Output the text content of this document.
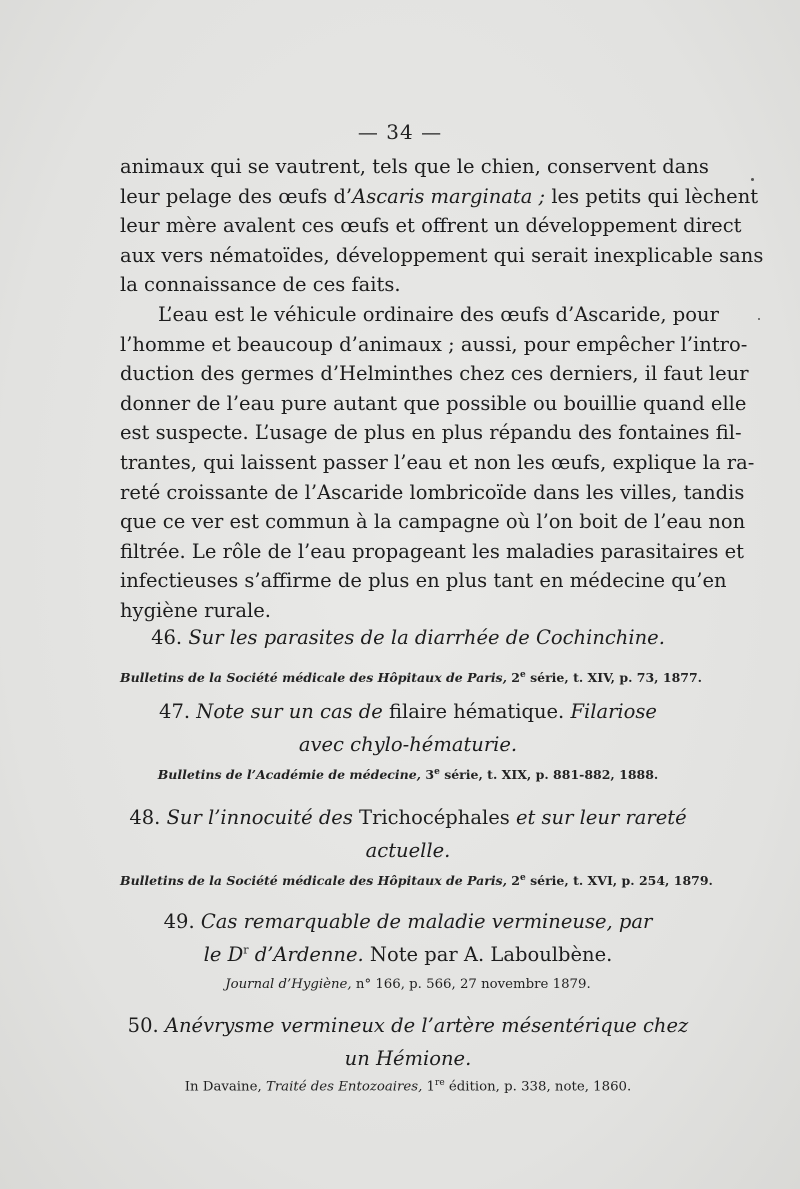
— 34 —
animaux qui se vautrent, tels que le chien, conservent dans
leur pelage des œufs d’Ascaris marginata ; les petits qui lèchent
leur mère avalent ces œufs et offrent un développement direct
aux vers nématoïdes, développement qui serait inexplicable sans
la connaissance de ces faits.
L’eau est le véhicule ordinaire des œufs d’Ascaride, pour
l’homme et beaucoup d’animaux ; aussi, pour empêcher l’intro-
duction des germes d’Helminthes chez ces derniers, il faut leur
donner de l’eau pure autant que possible ou bouillie quand elle
est suspecte. L’usage de plus en plus répandu des fontaines fil-
trantes, qui laissent passer l’eau et non les œufs, explique la ra-
reté croissante de l’Ascaride lombricoïde dans les villes, tandis
que ce ver est commun à la campagne où l’on boit de l’eau non
filtrée. Le rôle de l’eau propageant les maladies parasitaires et
infectieuses s’affirme de plus en plus tant en médecine qu’en
hygiène rurale.
46. Sur les parasites de la diarrhée de Cochinchine.
Bulletins de la Société médicale des Hôpitaux de Paris, 2e série, t. XIV, p. 73, 1877.
47. Note sur un cas de filaire hématique. Filariose
avec chylo-hématurie.
Bulletins de l’Académie de médecine, 3e série, t. XIX, p. 881-882, 1888.
48. Sur l’innocuité des Trichocéphales et sur leur rareté
actuelle.
Bulletins de la Société médicale des Hôpitaux de Paris, 2e série, t. XVI, p. 254, 1879.
49. Cas remarquable de maladie vermineuse, par
le $D^r$ d’Ardenne. Note par A. Laboulbène.
Journal d’Hygiène, n° 166, p. 566, 27 novembre 1879.
50. Anévrysme vermineux de l’artère mésentérique chez
un Hémione.
In Davaine, Traité des Entozoaires, 1re édition, p. 338, note, 1860.
